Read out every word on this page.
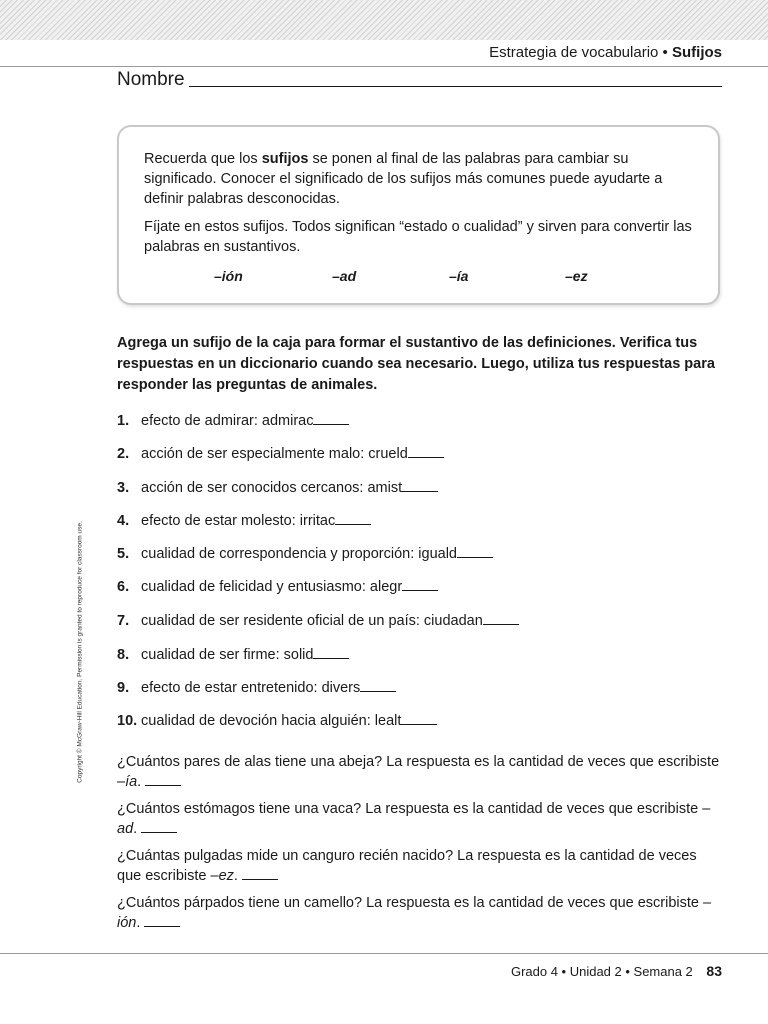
Estrategia de vocabulario • Sufijos
Nombre

Recuerda que los sufijos se ponen al final de las palabras para cambiar su significado. Conocer el significado de los sufijos más comunes puede ayudarte a definir palabras desconocidas.

Fíjate en estos sufijos. Todos significan “estado o cualidad” y sirven para convertir las palabras en sustantivos.

–ión	–ad	–ía	–ez

Agrega un sufijo de la caja para formar el sustantivo de las definiciones. Verifica tus respuestas en un diccionario cuando sea necesario. Luego, utiliza tus respuestas para responder las preguntas de animales.

1. efecto de admirar: admirac
2. acción de ser especialmente malo: crueld
3. acción de ser conocidos cercanos: amist
4. efecto de estar molesto: irritac
5. cualidad de correspondencia y proporción: iguald
6. cualidad de felicidad y entusiasmo: alegr
7. cualidad de ser residente oficial de un país: ciudadan
8. cualidad de ser firme: solid
9. efecto de estar entretenido: divers
10. cualidad de devoción hacia alguién: lealt

¿Cuántos pares de alas tiene una abeja? La respuesta es la cantidad de veces que escribiste –ía.

¿Cuántos estómagos tiene una vaca? La respuesta es la cantidad de veces que escribiste –ad.

¿Cuántas pulgadas mide un canguro recién nacido? La respuesta es la cantidad de veces que escribiste –ez.

¿Cuántos párpados tiene un camello? La respuesta es la cantidad de veces que escribiste –ión.

Copyright © McGraw-Hill Education. Permission is granted to reproduce for classroom use.
Grado 4 • Unidad 2 • Semana 2 83
